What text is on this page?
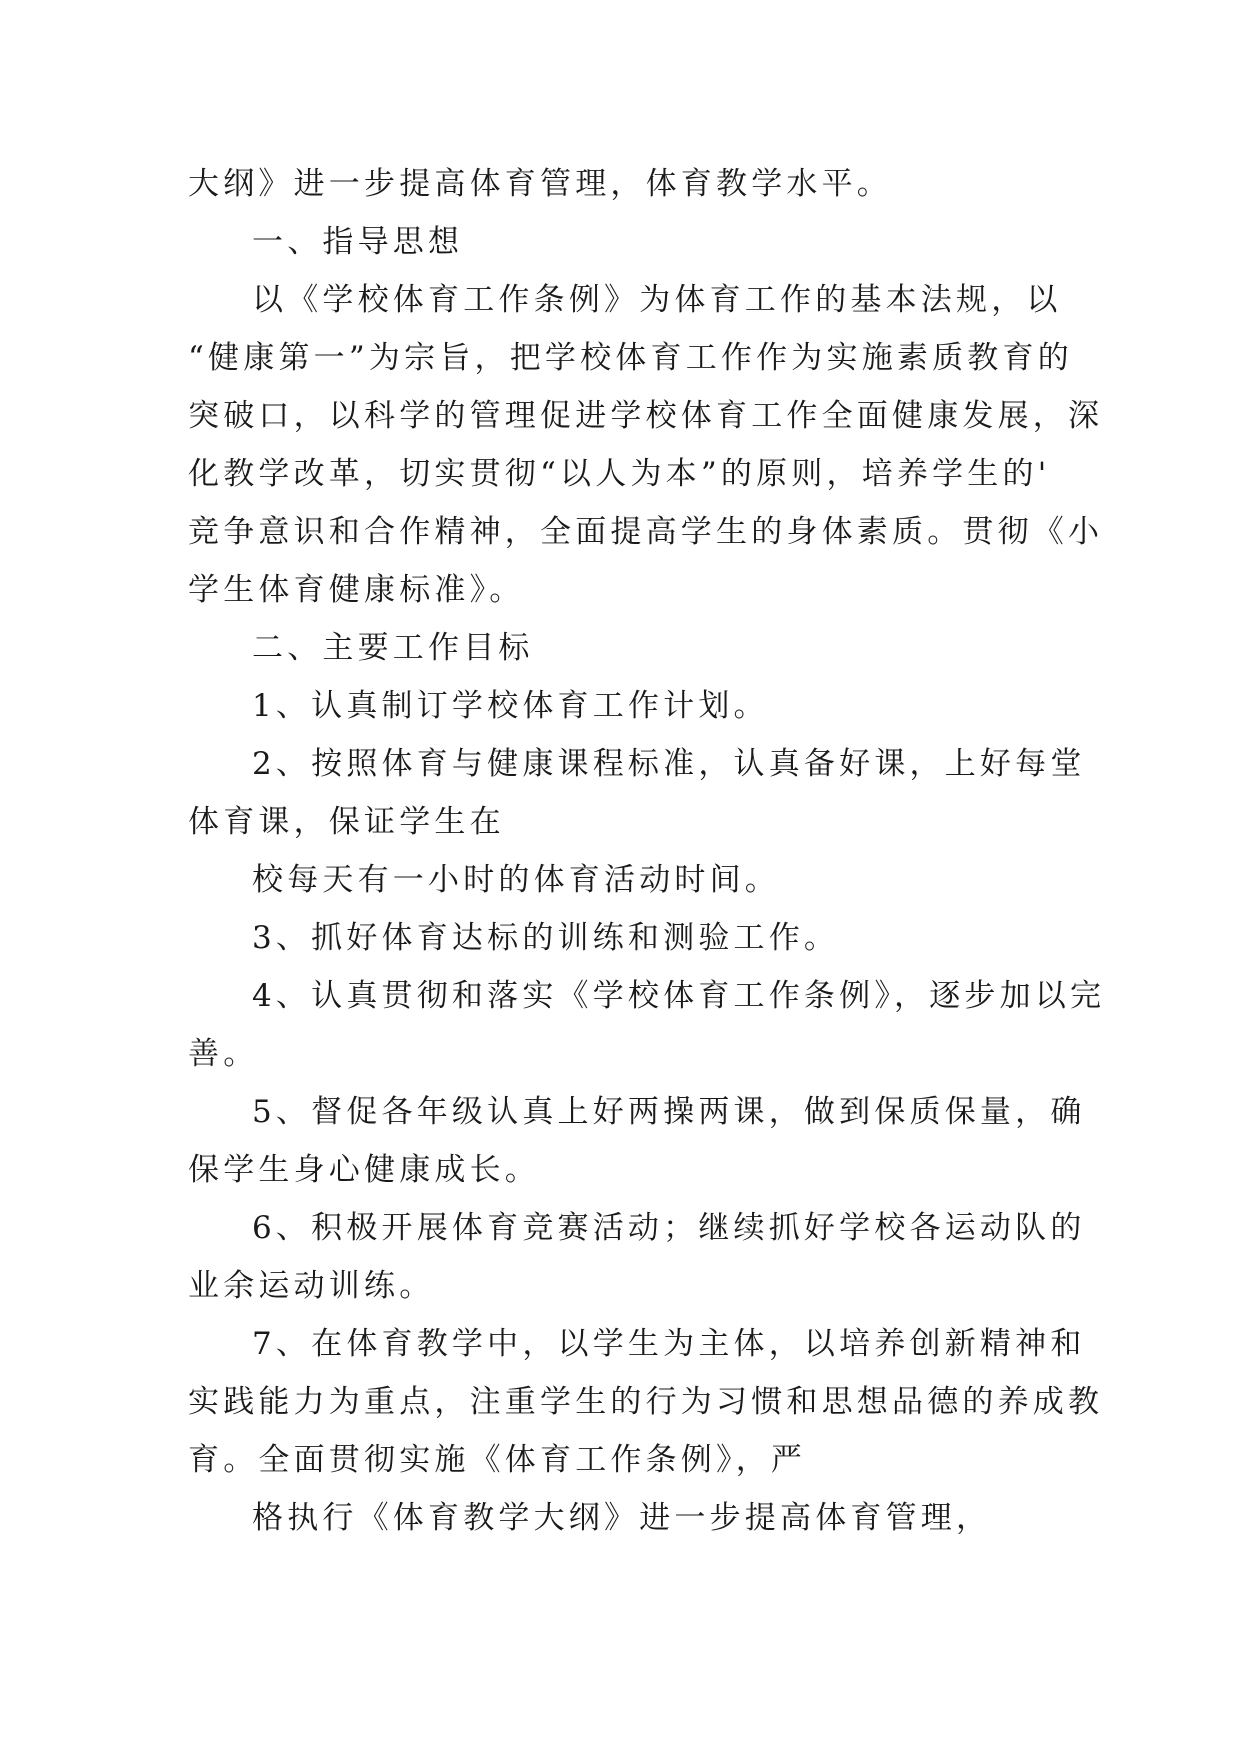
大纲》进一步提高体育管理，体育教学水平。
一、指导思想
以《学校体育工作条例》为体育工作的基本法规，以
“健康第一”为宗旨，把学校体育工作作为实施素质教育的
突破口，以科学的管理促进学校体育工作全面健康发展，深
化教学改革，切实贯彻“以人为本”的原则，培养学生的'
竞争意识和合作精神，全面提高学生的身体素质。贯彻《小
学生体育健康标准》。
二、主要工作目标
1、认真制订学校体育工作计划。
2、按照体育与健康课程标准，认真备好课，上好每堂
体育课，保证学生在
校每天有一小时的体育活动时间。
3、抓好体育达标的训练和测验工作。
4、认真贯彻和落实《学校体育工作条例》，逐步加以完
善。
5、督促各年级认真上好两操两课，做到保质保量，确
保学生身心健康成长。
6、积极开展体育竞赛活动；继续抓好学校各运动队的
业余运动训练。
7、在体育教学中，以学生为主体，以培养创新精神和
实践能力为重点，注重学生的行为习惯和思想品德的养成教
育。全面贯彻实施《体育工作条例》，严
格执行《体育教学大纲》进一步提高体育管理，
